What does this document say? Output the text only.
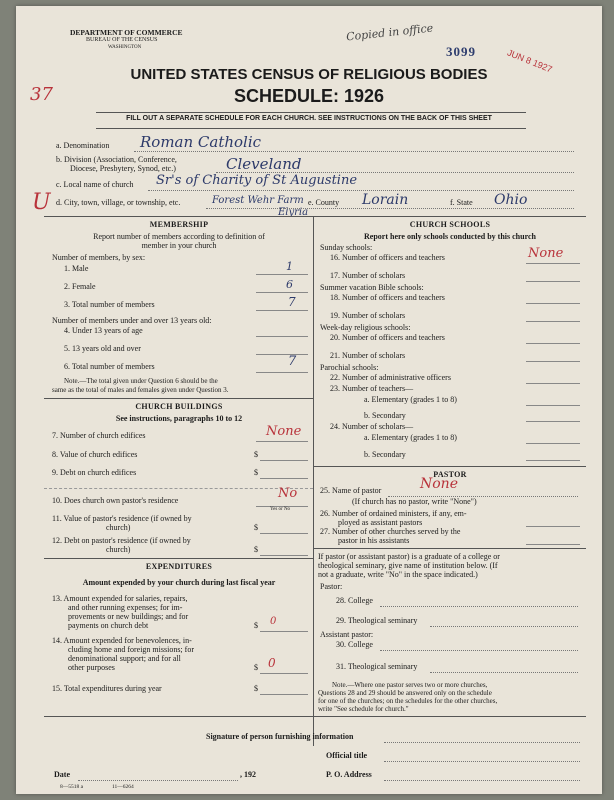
DEPARTMENT OF COMMERCE
BUREAU OF THE CENSUS
WASHINGTON
Copied in office
3099	JUN 8 1927
37
UNITED STATES CENSUS OF RELIGIOUS BODIES
SCHEDULE: 1926
FILL OUT A SEPARATE SCHEDULE FOR EACH CHURCH. SEE INSTRUCTIONS ON THE BACK OF THIS SHEET
a. Denomination Roman Catholic
b. Division (Association, Conference,
Diocese, Presbytery, Synod, etc.)	Cleveland
c. Local name of church Sr's of Charity of St Augustine
U d. City, town, village, or township, etc.	Forest Wehr Farm
Elyria
e. County Lorain	f. State Ohio
MEMBERSHIP
Report number of members according to definition of
member in your church
Number of members, by sex:
1. Male	1
2. Female	6
3. Total number of members	7
Number of members under and over 13 years old:
4. Under 13 years of age
5. 13 years old and over
6. Total number of members	7
Note.—The total given under Question 6 should be the
same as the total of males and females given under Question 3.
CHURCH BUILDINGS
See instructions, paragraphs 10 to 12
7. Number of church edifices	None
8. Value of church edifices	$
9. Debt on church edifices	$
10. Does church own pastor's residence	No
Yes or No
11. Value of pastor's residence (if owned by
church)	$
12. Debt on pastor's residence (if owned by
church)	$
EXPENDITURES
Amount expended by your church during last fiscal year
13. Amount expended for salaries, repairs,
and other running expenses; for im-
provements or new buildings; and for
payments on church debt	$ 0
14. Amount expended for benevolences, in-
cluding home and foreign missions; for
denominational support; and for all
other purposes	$ 0
15. Total expenditures during year	$
CHURCH SCHOOLS
Report here only schools conducted by this church
Sunday schools:
16. Number of officers and teachers	None
17. Number of scholars
Summer vacation Bible schools:
18. Number of officers and teachers
19. Number of scholars
Week-day religious schools:
20. Number of officers and teachers
21. Number of scholars
Parochial schools:
22. Number of administrative officers
23. Number of teachers—
a. Elementary (grades 1 to 8)
b. Secondary
24. Number of scholars—
a. Elementary (grades 1 to 8)
b. Secondary
PASTOR
25. Name of pastor	None
(If church has no pastor, write "None")
26. Number of ordained ministers, if any, em-
ployed as assistant pastors
27. Number of other churches served by the
pastor in his assistants
If pastor (or assistant pastor) is a graduate of a college or
theological seminary, give name of institution below. (If
not a graduate, write "No" in the space indicated.)
Pastor:
28. College
29. Theological seminary
Assistant pastor:
30. College
31. Theological seminary
Note.—Where one pastor serves two or more churches,
Questions 28 and 29 should be answered only on the schedule
for one of the churches; on the schedules for the other churches,
write "See schedule for church."
Signature of person furnishing information
Official title
Date	, 192	P. O. Address
8—5518 a	11—6264
